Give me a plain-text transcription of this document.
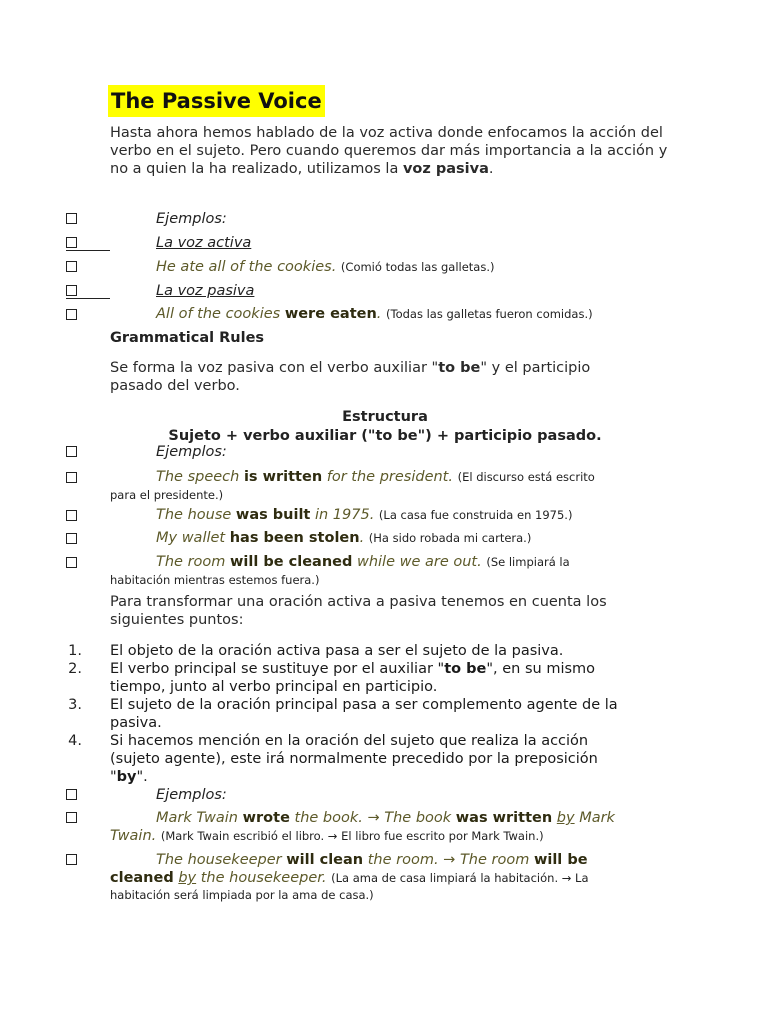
The Passive Voice
Hasta ahora hemos hablado de la voz activa donde enfocamos la acción del verbo en el sujeto. Pero cuando queremos dar más importancia a la acción y no a quien la ha realizado, utilizamos la voz pasiva.
Ejemplos:
La voz activa
He ate all of the cookies. (Comió todas las galletas.)
La voz pasiva
All of the cookies were eaten. (Todas las galletas fueron comidas.)
Grammatical Rules
Se forma la voz pasiva con el verbo auxiliar "to be" y el participio pasado del verbo.
Estructura
Sujeto + verbo auxiliar ("to be") + participio pasado.
Ejemplos:
The speech is written for the president. (El discurso está escrito
para el presidente.)
The house was built in 1975. (La casa fue construida en 1975.)
My wallet has been stolen. (Ha sido robada mi cartera.)
The room will be cleaned while we are out. (Se limpiará la
habitación mientras estemos fuera.)
Para transformar una oración activa a pasiva tenemos en cuenta los
siguientes puntos:
1. El objeto de la oración activa pasa a ser el sujeto de la pasiva.
2. El verbo principal se sustituye por el auxiliar "to be", en su mismo
tiempo, junto al verbo principal en participio.
3. El sujeto de la oración principal pasa a ser complemento agente de la
pasiva.
4. Si hacemos mención en la oración del sujeto que realiza la acción
(sujeto agente), este irá normalmente precedido por la preposición
"by".
Ejemplos:
Mark Twain wrote the book. → The book was written by Mark
Twain. (Mark Twain escribió el libro. → El libro fue escrito por Mark Twain.)
The housekeeper will clean the room. → The room will be
cleaned by the housekeeper. (La ama de casa limpiará la habitación. → La
habitación será limpiada por la ama de casa.)
